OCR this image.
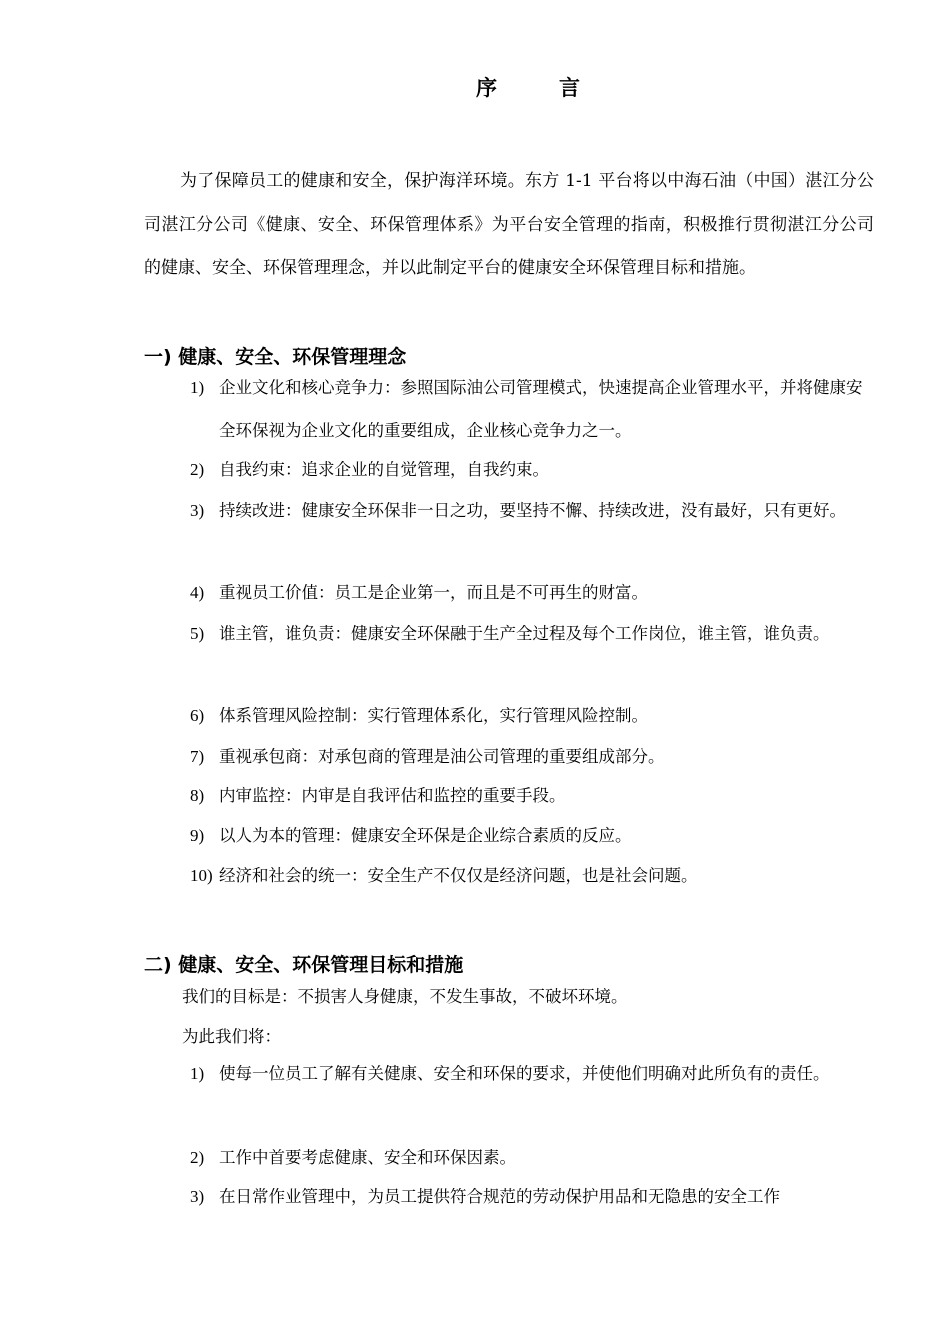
序	言
为了保障员工的健康和安全，保护海洋环境。东方 1-1 平台将以中海石油（中国）湛江分公司湛江分公司《健康、安全、环保管理体系》为平台安全管理的指南，积极推行贯彻湛江分公司的健康、安全、环保管理理念，并以此制定平台的健康安全环保管理目标和措施。
一) 健康、安全、环保管理理念
1) 企业文化和核心竞争力：参照国际油公司管理模式，快速提高企业管理水平，并将健康安全环保视为企业文化的重要组成，企业核心竞争力之一。
2) 自我约束：追求企业的自觉管理，自我约束。
3) 持续改进：健康安全环保非一日之功，要坚持不懈、持续改进，没有最好，只有更好。
4) 重视员工价值：员工是企业第一，而且是不可再生的财富。
5) 谁主管，谁负责：健康安全环保融于生产全过程及每个工作岗位，谁主管，谁负责。
6) 体系管理风险控制：实行管理体系化，实行管理风险控制。
7) 重视承包商：对承包商的管理是油公司管理的重要组成部分。
8) 内审监控：内审是自我评估和监控的重要手段。
9) 以人为本的管理：健康安全环保是企业综合素质的反应。
10) 经济和社会的统一：安全生产不仅仅是经济问题，也是社会问题。
二) 健康、安全、环保管理目标和措施
我们的目标是：不损害人身健康，不发生事故，不破坏环境。
为此我们将：
1) 使每一位员工了解有关健康、安全和环保的要求，并使他们明确对此所负有的责任。
2) 工作中首要考虑健康、安全和环保因素。
3) 在日常作业管理中，为员工提供符合规范的劳动保护用品和无隐患的安全工作
